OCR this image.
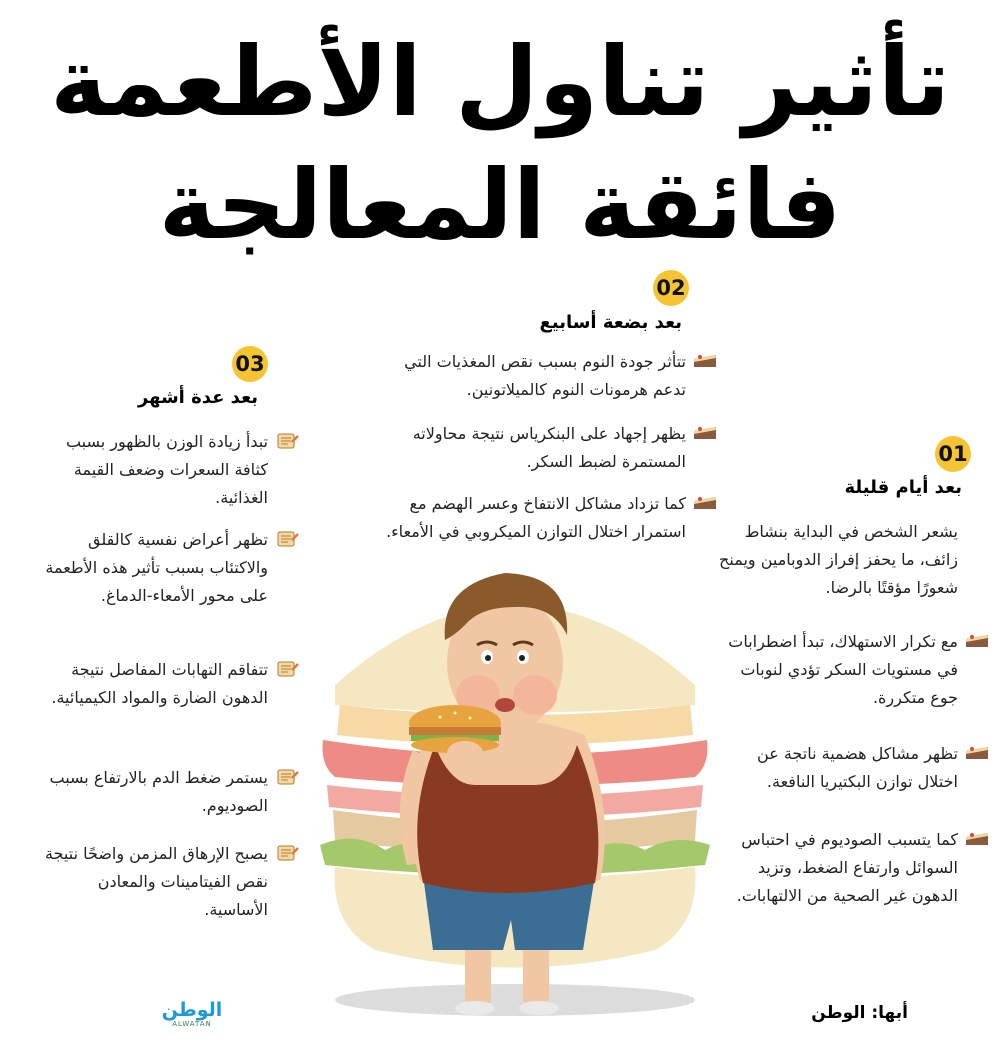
تأثير تناول الأطعمة
فائقة المعالجة
01
بعد أيام قليلة
يشعر الشخص في البداية بنشاط زائف، ما يحفز إفراز الدوبامين ويمنح شعورًا مؤقتًا بالرضا.
مع تكرار الاستهلاك، تبدأ اضطرابات في مستويات السكر تؤدي لنوبات جوع متكررة.
تظهر مشاكل هضمية ناتجة عن اختلال توازن البكتيريا النافعة.
كما يتسبب الصوديوم في احتباس السوائل وارتفاع الضغط، وتزيد الدهون غير الصحية من الالتهابات.
02
بعد بضعة أسابيع
تتأثر جودة النوم بسبب نقص المغذيات التي تدعم هرمونات النوم كالميلاتونين.
يظهر إجهاد على البنكرياس نتيجة محاولاته المستمرة لضبط السكر.
كما تزداد مشاكل الانتفاخ وعسر الهضم مع استمرار اختلال التوازن الميكروبي في الأمعاء.
03
بعد عدة أشهر
تبدأ زيادة الوزن بالظهور بسبب كثافة السعرات وضعف القيمة الغذائية.
تظهر أعراض نفسية كالقلق والاكتئاب بسبب تأثير هذه الأطعمة على محور الأمعاء-الدماغ.
تتفاقم التهابات المفاصل نتيجة الدهون الضارة والمواد الكيميائية.
يستمر ضغط الدم بالارتفاع بسبب الصوديوم.
يصبح الإرهاق المزمن واضحًا نتيجة نقص الفيتامينات والمعادن الأساسية.
أبها: الوطن
الوطن
ALWATAN
